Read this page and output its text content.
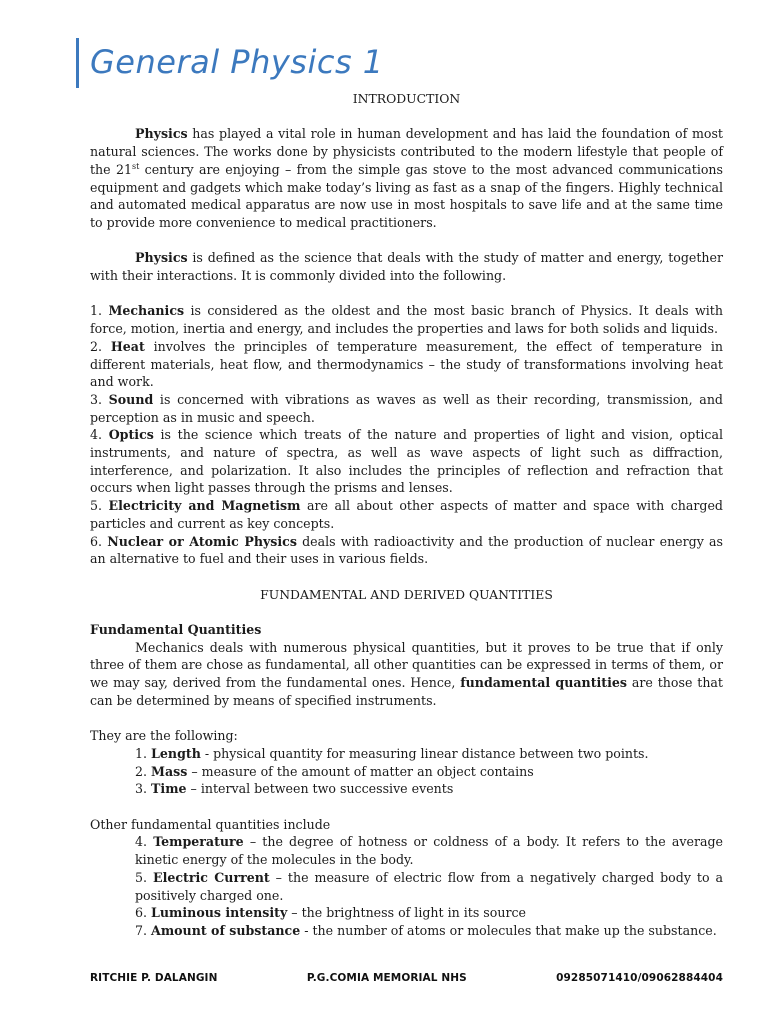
General Physics 1
INTRODUCTION

Physics has played a vital role in human development and has laid the foundation of most natural sciences. The works done by physicists contributed to the modern lifestyle that people of the 21st century are enjoying – from the simple gas stove to the most advanced communications equipment and gadgets which make today’s living as fast as a snap of the fingers. Highly technical and automated medical apparatus are now use in most hospitals to save life and at the same time to provide more convenience to medical practitioners.

Physics is defined as the science that deals with the study of matter and energy, together with their interactions. It is commonly divided into the following.

1. Mechanics is considered as the oldest and the most basic branch of Physics. It deals with force, motion, inertia and energy, and includes the properties and laws for both solids and liquids.

2. Heat involves the principles of temperature measurement, the effect of temperature in different materials, heat flow, and thermodynamics – the study of transformations involving heat and work.

3. Sound is concerned with vibrations as waves as well as their recording, transmission, and perception as in music and speech.

4. Optics is the science which treats of the nature and properties of light and vision, optical instruments, and nature of spectra, as well as wave aspects of light such as diffraction, interference, and polarization. It also includes the principles of reflection and refraction that occurs when light passes through the prisms and lenses.

5. Electricity and Magnetism are all about other aspects of matter and space with charged particles and current as key concepts.

6. Nuclear or Atomic Physics deals with radioactivity and the production of nuclear energy as an alternative to fuel and their uses in various fields.

FUNDAMENTAL AND DERIVED QUANTITIES

Fundamental Quantities

Mechanics deals with numerous physical quantities, but it proves to be true that if only three of them are chose as fundamental, all other quantities can be expressed in terms of them, or we may say, derived from the fundamental ones. Hence, fundamental quantities are those that can be determined by means of specified instruments.

They are the following:

1. Length - physical quantity for measuring linear distance between two points.

2. Mass – measure of the amount of matter an object contains

3. Time – interval between two successive events

Other fundamental quantities include

4. Temperature – the degree of hotness or coldness of a body. It refers to the average kinetic energy of the molecules in the body.

5. Electric Current – the measure of electric flow from a negatively charged body to a positively charged one.

6. Luminous intensity – the brightness of light in its source

7. Amount of substance - the number of atoms or molecules that make up the substance.

RITCHIE P. DALANGIN	P.G.COMIA MEMORIAL NHS	09285071410/09062884404
